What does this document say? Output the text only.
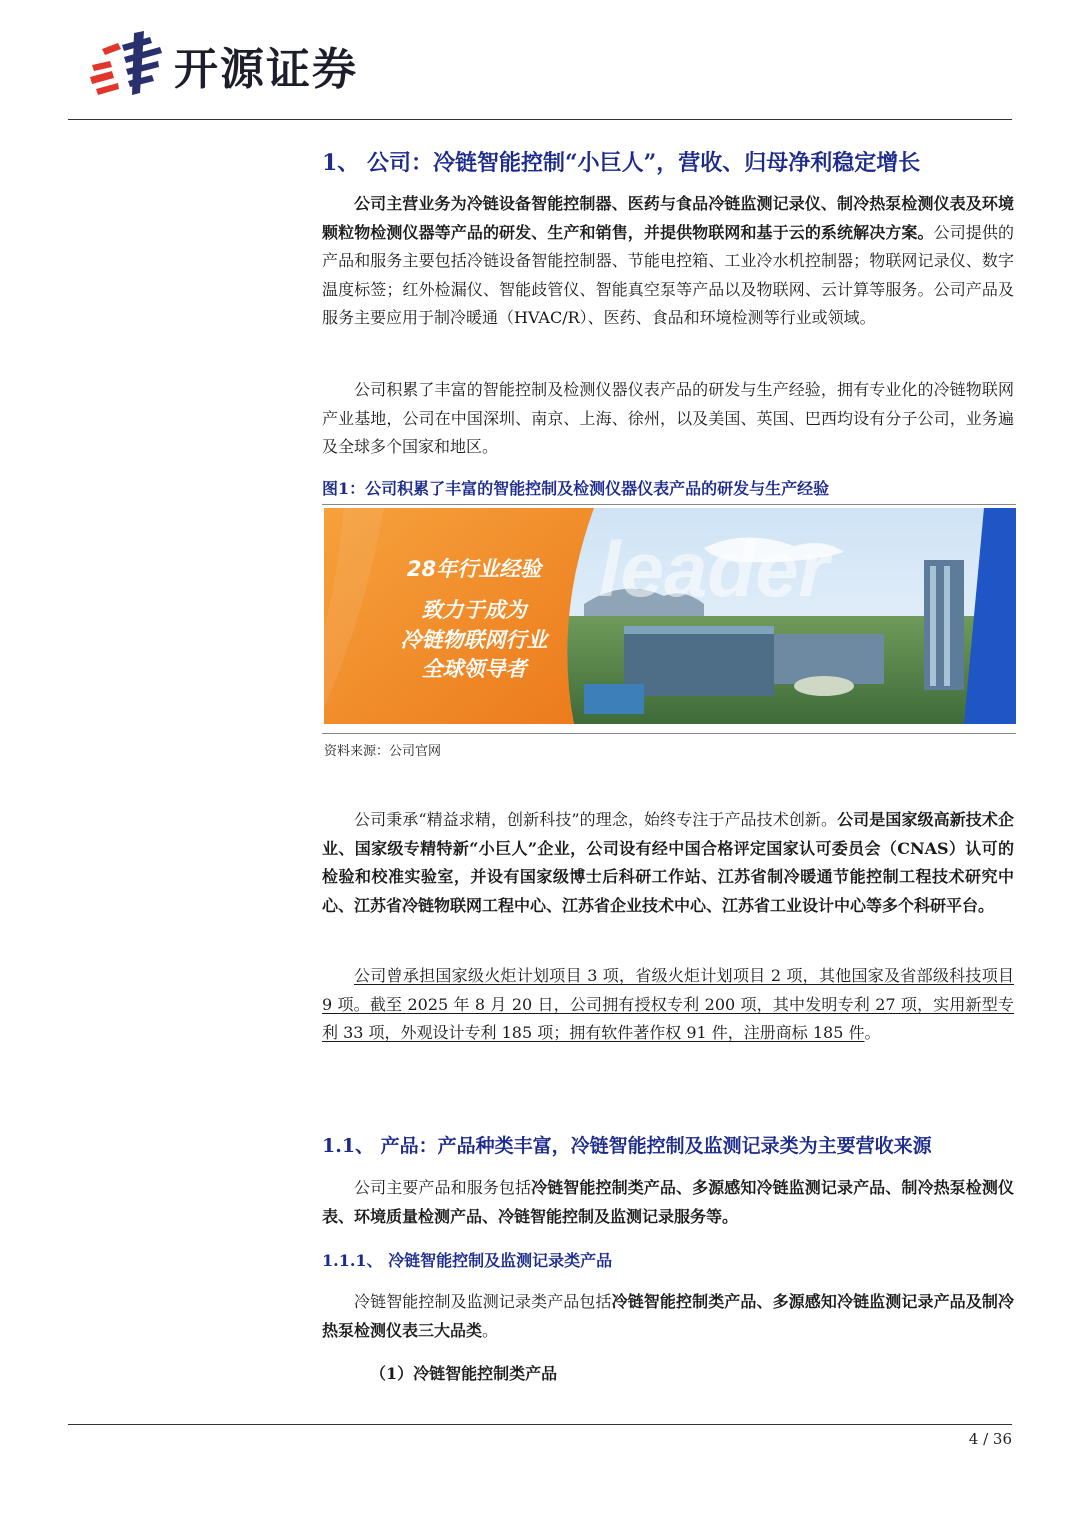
开源证券
1、 公司：冷链智能控制“小巨人”，营收、归母净利稳定增长

公司主营业务为冷链设备智能控制器、医药与食品冷链监测记录仪、制冷热泵检测仪表及环境颗粒物检测仪器等产品的研发、生产和销售，并提供物联网和基于云的系统解决方案。公司提供的产品和服务主要包括冷链设备智能控制器、节能电控箱、工业冷水机控制器；物联网记录仪、数字温度标签；红外检漏仪、智能歧管仪、智能真空泵等产品以及物联网、云计算等服务。公司产品及服务主要应用于制冷暖通（HVAC/R）、医药、食品和环境检测等行业或领域。

公司积累了丰富的智能控制及检测仪器仪表产品的研发与生产经验，拥有专业化的冷链物联网产业基地，公司在中国深圳、南京、上海、徐州，以及美国、英国、巴西均设有分子公司，业务遍及全球多个国家和地区。

图1：公司积累了丰富的智能控制及检测仪器仪表产品的研发与生产经验
leader
28年行业经验
致力于成为
冷链物联网行业
全球领导者
资料来源：公司官网

公司秉承“精益求精，创新科技”的理念，始终专注于产品技术创新。公司是国家级高新技术企业、国家级专精特新“小巨人”企业，公司设有经中国合格评定国家认可委员会（CNAS）认可的检验和校准实验室，并设有国家级博士后科研工作站、江苏省制冷暖通节能控制工程技术研究中心、江苏省冷链物联网工程中心、江苏省企业技术中心、江苏省工业设计中心等多个科研平台。

公司曾承担国家级火炬计划项目 3 项，省级火炬计划项目 2 项，其他国家及省部级科技项目 9 项。截至 2025 年 8 月 20 日，公司拥有授权专利 200 项，其中发明专利 27 项，实用新型专利 33 项，外观设计专利 185 项；拥有软件著作权 91 件，注册商标 185 件。

1.1、 产品：产品种类丰富，冷链智能控制及监测记录类为主要营收来源

公司主要产品和服务包括冷链智能控制类产品、多源感知冷链监测记录产品、制冷热泵检测仪表、环境质量检测产品、冷链智能控制及监测记录服务等。

1.1.1、 冷链智能控制及监测记录类产品

冷链智能控制及监测记录类产品包括冷链智能控制类产品、多源感知冷链监测记录产品及制冷热泵检测仪表三大品类。

（1）冷链智能控制类产品
4 / 36
